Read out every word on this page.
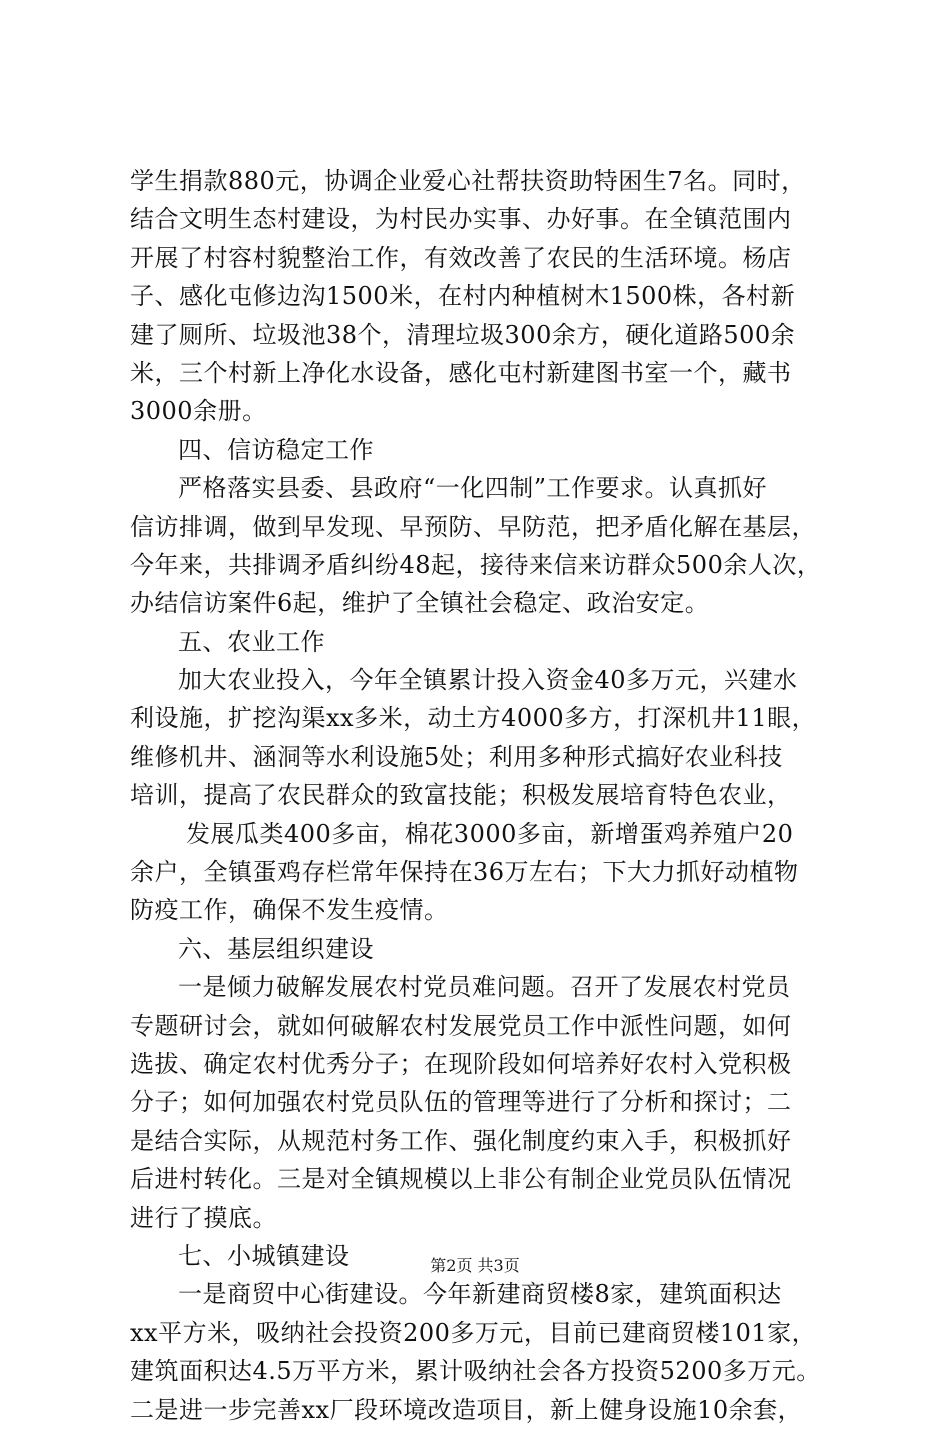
学生捐款880元，协调企业爱心社帮扶资助特困生7名。同时，
结合文明生态村建设，为村民办实事、办好事。在全镇范围内
开展了村容村貌整治工作，有效改善了农民的生活环境。杨店
子、感化屯修边沟1500米，在村内种植树木1500株，各村新
建了厕所、垃圾池38个，清理垃圾300余方，硬化道路500余
米，三个村新上净化水设备，感化屯村新建图书室一个，藏书
3000余册。
四、信访稳定工作
严格落实县委、县政府“一化四制”工作要求。认真抓好
信访排调，做到早发现、早预防、早防范，把矛盾化解在基层，
今年来，共排调矛盾纠纷48起，接待来信来访群众500余人次，
办结信访案件6起，维护了全镇社会稳定、政治安定。
五、农业工作
加大农业投入，今年全镇累计投入资金40多万元，兴建水
利设施，扩挖沟渠xx多米，动土方4000多方，打深机井11眼，
维修机井、涵洞等水利设施5处；利用多种形式搞好农业科技
培训，提高了农民群众的致富技能；积极发展培育特色农业，
发展瓜类400多亩，棉花3000多亩，新增蛋鸡养殖户20
余户，全镇蛋鸡存栏常年保持在36万左右；下大力抓好动植物
防疫工作，确保不发生疫情。
六、基层组织建设
一是倾力破解发展农村党员难问题。召开了发展农村党员
专题研讨会，就如何破解农村发展党员工作中派性问题，如何
选拔、确定农村优秀分子；在现阶段如何培养好农村入党积极
分子；如何加强农村党员队伍的管理等进行了分析和探讨；二
是结合实际，从规范村务工作、强化制度约束入手，积极抓好
后进村转化。三是对全镇规模以上非公有制企业党员队伍情况
进行了摸底。
七、小城镇建设
一是商贸中心街建设。今年新建商贸楼8家，建筑面积达
xx平方米，吸纳社会投资200多万元，目前已建商贸楼101家，
建筑面积达4.5万平方米，累计吸纳社会各方投资5200多万元。
二是进一步完善xx厂段环境改造项目，新上健身设施10余套，
第2页 共3页
